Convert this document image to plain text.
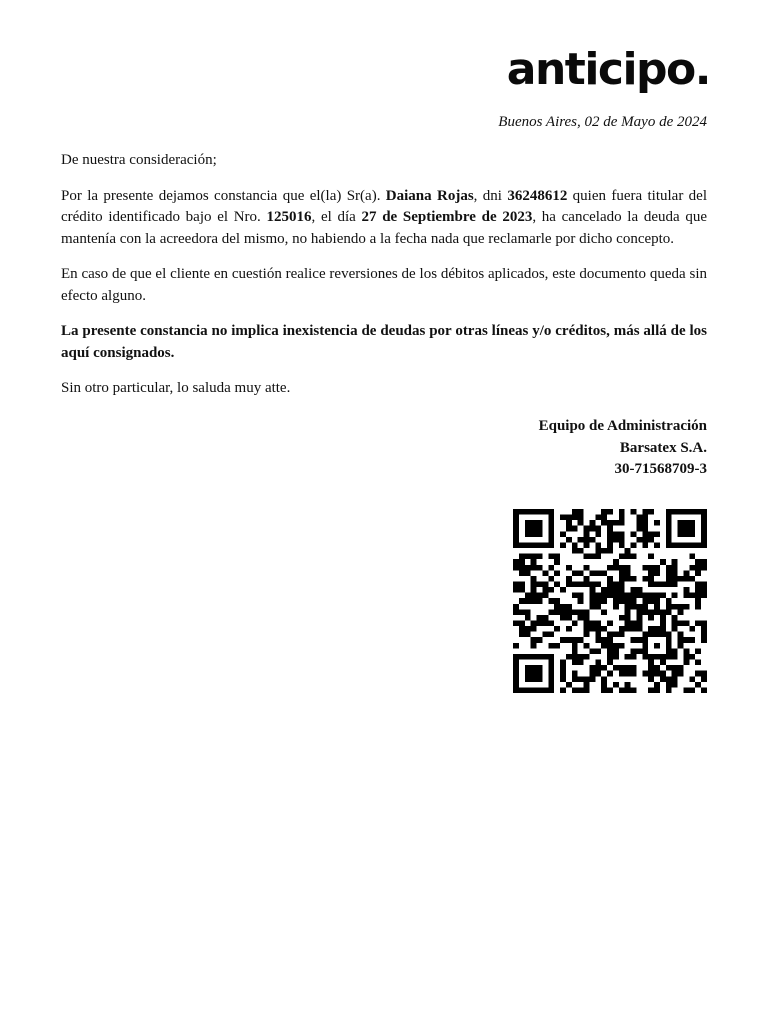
anticipo.
Buenos Aires, 02 de Mayo de 2024

De nuestra consideración;

Por la presente dejamos constancia que el(la) Sr(a). Daiana Rojas, dni 36248612 quien fuera titular del crédito identificado bajo el Nro. 125016, el día 27 de Septiembre de 2023, ha cancelado la deuda que mantenía con la acreedora del mismo, no habiendo a la fecha nada que reclamarle por dicho concepto.

En caso de que el cliente en cuestión realice reversiones de los débitos aplicados, este documento queda sin efecto alguno.

La presente constancia no implica inexistencia de deudas por otras líneas y/o créditos, más allá de los aquí consignados.

Sin otro particular, lo saluda muy atte.

Equipo de Administración
Barsatex S.A.
30-71568709-3
